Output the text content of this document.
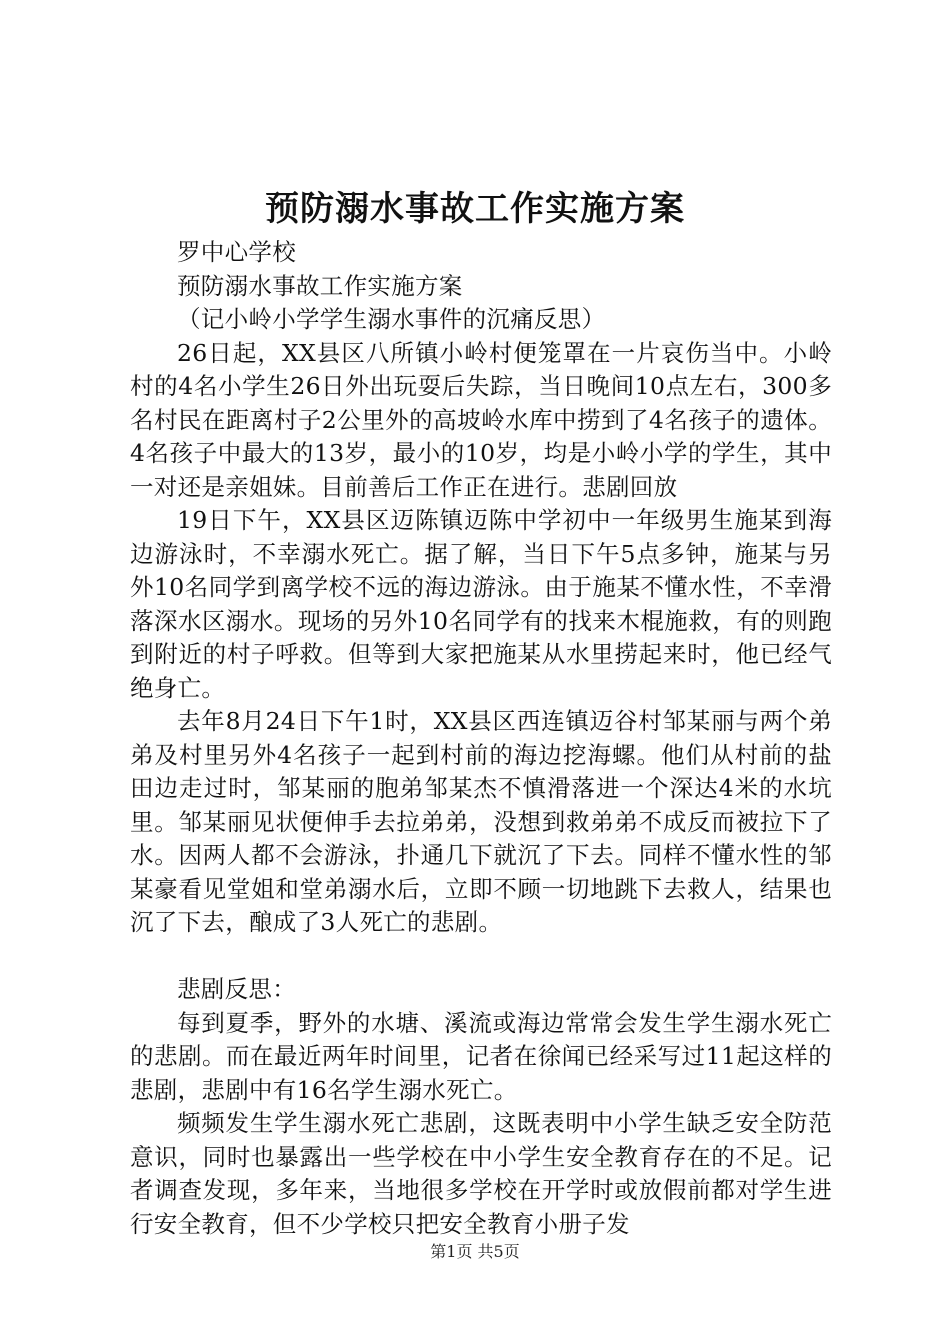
预防溺水事故工作实施方案

罗中心学校

预防溺水事故工作实施方案

（记小岭小学学生溺水事件的沉痛反思）

26日起，XX县区八所镇小岭村便笼罩在一片哀伤当中。小岭村的4名小学生26日外出玩耍后失踪，当日晚间10点左右，300多名村民在距离村子2公里外的高坡岭水库中捞到了4名孩子的遗体。4名孩子中最大的13岁，最小的10岁，均是小岭小学的学生，其中一对还是亲姐妹。目前善后工作正在进行。悲剧回放

19日下午，XX县区迈陈镇迈陈中学初中一年级男生施某到海边游泳时，不幸溺水死亡。据了解，当日下午5点多钟，施某与另外10名同学到离学校不远的海边游泳。由于施某不懂水性，不幸滑落深水区溺水。现场的另外10名同学有的找来木棍施救，有的则跑到附近的村子呼救。但等到大家把施某从水里捞起来时，他已经气绝身亡。

去年8月24日下午1时，XX县区西连镇迈谷村邹某丽与两个弟弟及村里另外4名孩子一起到村前的海边挖海螺。他们从村前的盐田边走过时，邹某丽的胞弟邹某杰不慎滑落进一个深达4米的水坑里。邹某丽见状便伸手去拉弟弟，没想到救弟弟不成反而被拉下了水。因两人都不会游泳，扑通几下就沉了下去。同样不懂水性的邹某豪看见堂姐和堂弟溺水后，立即不顾一切地跳下去救人，结果也沉了下去，酿成了3人死亡的悲剧。

悲剧反思：

每到夏季，野外的水塘、溪流或海边常常会发生学生溺水死亡的悲剧。而在最近两年时间里，记者在徐闻已经采写过11起这样的悲剧，悲剧中有16名学生溺水死亡。

频频发生学生溺水死亡悲剧，这既表明中小学生缺乏安全防范意识，同时也暴露出一些学校在中小学生安全教育存在的不足。记者调查发现，多年来，当地很多学校在开学时或放假前都对学生进行安全教育，但不少学校只把安全教育小册子发

第1页 共5页
